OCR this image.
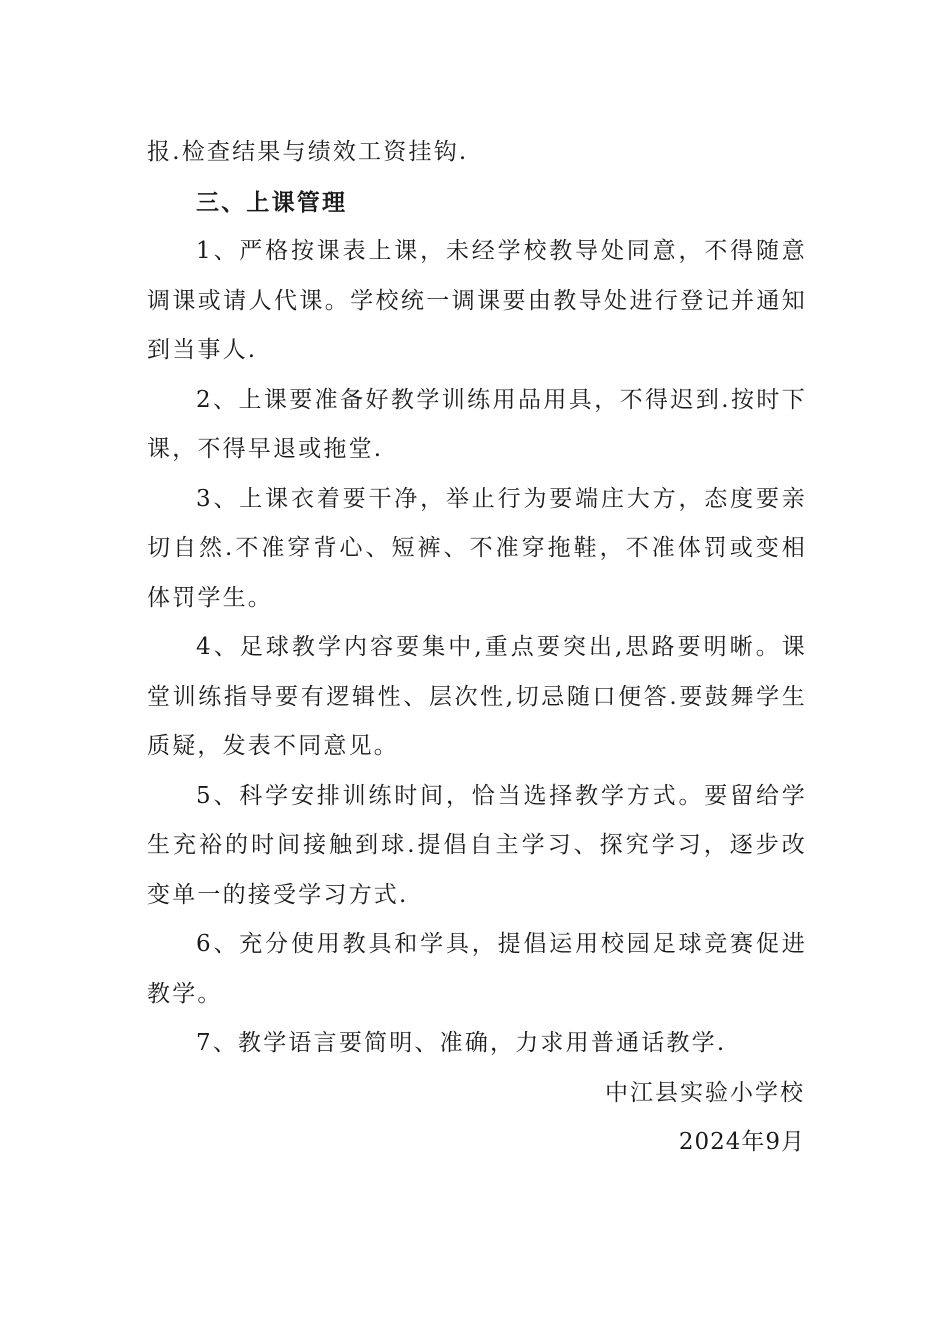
报.检查结果与绩效工资挂钩.

三、上课管理

1、严格按课表上课，未经学校教导处同意，不得随意调课或请人代课。学校统一调课要由教导处进行登记并通知到当事人.

2、上课要准备好教学训练用品用具，不得迟到.按时下课，不得早退或拖堂.

3、上课衣着要干净，举止行为要端庄大方，态度要亲切自然.不准穿背心、短裤、不准穿拖鞋，不准体罚或变相体罚学生。

4、足球教学内容要集中,重点要突出,思路要明晰。课堂训练指导要有逻辑性、层次性,切忌随口便答.要鼓舞学生质疑，发表不同意见。

5、科学安排训练时间，恰当选择教学方式。要留给学生充裕的时间接触到球.提倡自主学习、探究学习，逐步改变单一的接受学习方式.

6、充分使用教具和学具，提倡运用校园足球竞赛促进教学。

7、教学语言要简明、准确，力求用普通话教学.

中江县实验小学校

2024年9月
